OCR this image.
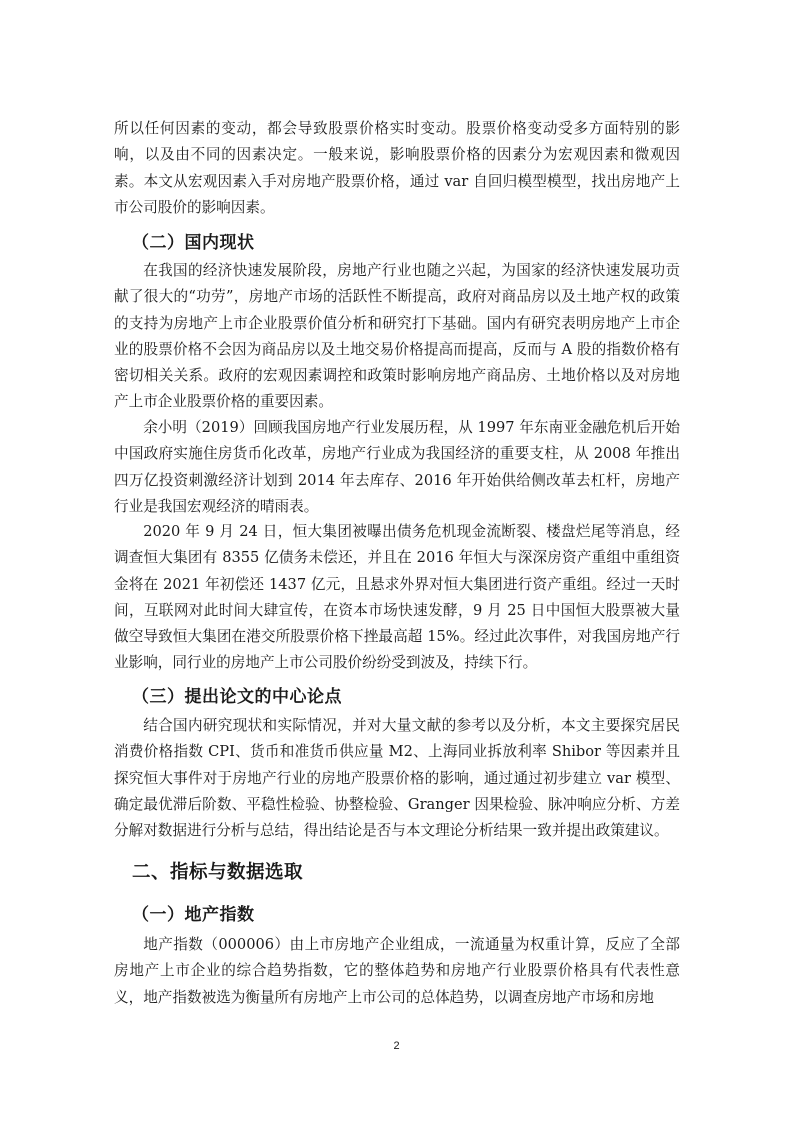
所以任何因素的变动，都会导致股票价格实时变动。股票价格变动受多方面特别的影响，以及由不同的因素决定。一般来说，影响股票价格的因素分为宏观因素和微观因素。本文从宏观因素入手对房地产股票价格，通过 var 自回归模型模型，找出房地产上市公司股价的影响因素。

（二）国内现状

在我国的经济快速发展阶段，房地产行业也随之兴起，为国家的经济快速发展功贡献了很大的“功劳”，房地产市场的活跃性不断提高，政府对商品房以及土地产权的政策的支持为房地产上市企业股票价值分析和研究打下基础。国内有研究表明房地产上市企业的股票价格不会因为商品房以及土地交易价格提高而提高，反而与 A 股的指数价格有密切相关关系。政府的宏观因素调控和政策时影响房地产商品房、土地价格以及对房地产上市企业股票价格的重要因素。

余小明（2019）回顾我国房地产行业发展历程，从 1997 年东南亚金融危机后开始中国政府实施住房货币化改革，房地产行业成为我国经济的重要支柱，从 2008 年推出四万亿投资刺激经济计划到 2014 年去库存、2016 年开始供给侧改革去杠杆，房地产行业是我国宏观经济的晴雨表。

2020 年 9 月 24 日，恒大集团被曝出债务危机现金流断裂、楼盘烂尾等消息，经调查恒大集团有 8355 亿债务未偿还，并且在 2016 年恒大与深深房资产重组中重组资金将在 2021 年初偿还 1437 亿元，且悬求外界对恒大集团进行资产重组。经过一天时间，互联网对此时间大肆宣传，在资本市场快速发酵，9 月 25 日中国恒大股票被大量做空导致恒大集团在港交所股票价格下挫最高超 15%。经过此次事件，对我国房地产行业影响，同行业的房地产上市公司股价纷纷受到波及，持续下行。

（三）提出论文的中心论点

结合国内研究现状和实际情况，并对大量文献的参考以及分析，本文主要探究居民消费价格指数 CPI、货币和准货币供应量 M2、上海同业拆放利率 Shibor 等因素并且探究恒大事件对于房地产行业的房地产股票价格的影响，通过通过初步建立 var 模型、确定最优滞后阶数、平稳性检验、协整检验、Granger 因果检验、脉冲响应分析、方差分解对数据进行分析与总结，得出结论是否与本文理论分析结果一致并提出政策建议。

二、指标与数据选取
（一）地产指数

地产指数（000006）由上市房地产企业组成，一流通量为权重计算，反应了全部房地产上市企业的综合趋势指数，它的整体趋势和房地产行业股票价格具有代表性意义，地产指数被选为衡量所有房地产上市公司的总体趋势，以调查房地产市场和房地

2
